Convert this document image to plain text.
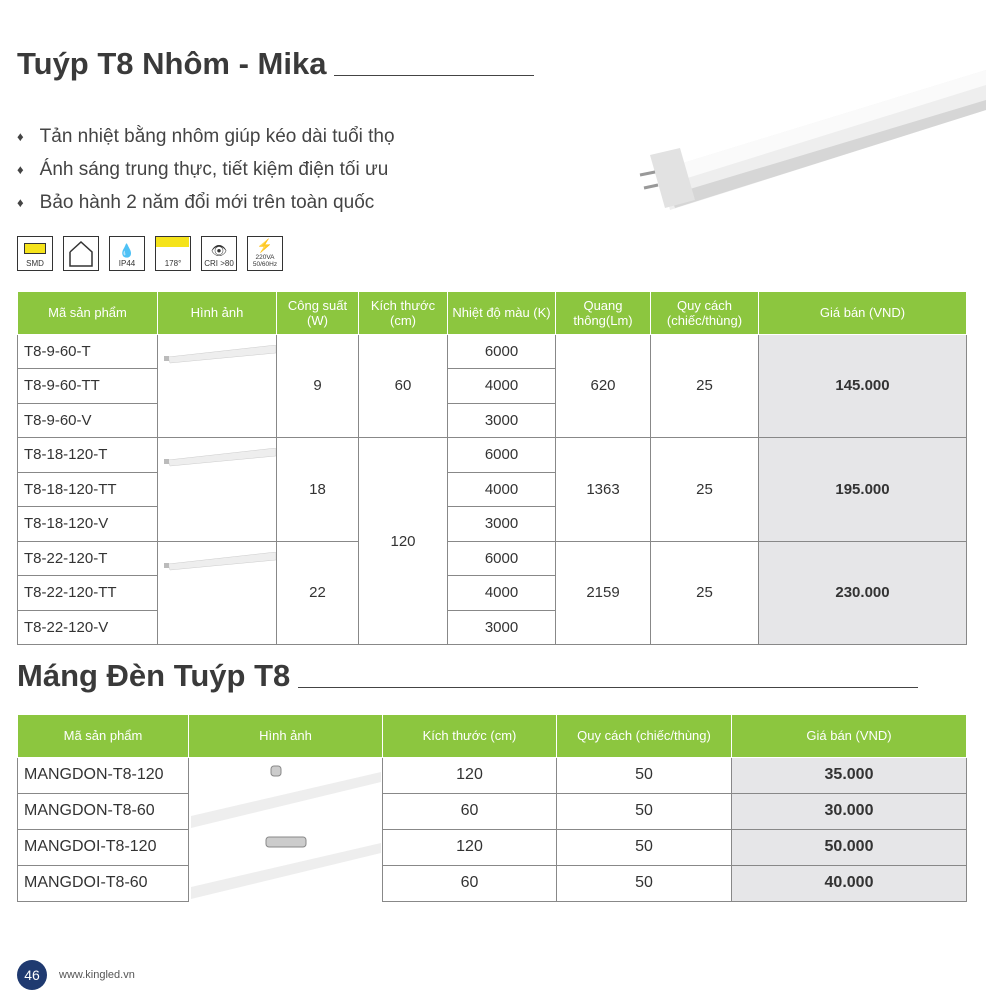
Tuýp T8 Nhôm - Mika
♦ Tản nhiệt bằng nhôm giúp kéo dài tuổi thọ
♦ Ánh sáng trung thực, tiết kiệm điện tối ưu
♦ Bảo hành 2 năm đổi mới trên toàn quốc
SMD
💧
IP44	178°
👁
CRI >80
⚡
220VA 50/60Hz
Mã sản phẩm	Hình ảnh	Công suất (W)	Kích thước (cm)	Nhiệt độ màu (K)	Quang thông(Lm)	Quy cách (chiếc/thùng)	Giá bán (VND)
T8-9-60-T		9	60	6000	620	25	145.000
T8-9-60-TT				4000			
T8-9-60-V				3000			
T8-18-120-T		18	120	6000	1363	25	195.000
T8-18-120-TT				4000			
T8-18-120-V				3000			
T8-22-120-T		22		6000	2159	25	230.000
T8-22-120-TT				4000			
T8-22-120-V				3000			
Máng Đèn Tuýp T8
Mã sản phẩm	Hình ảnh	Kích thước (cm)	Quy cách (chiếc/thùng)	Giá bán (VND)
MANGDON-T8-120		120	50	35.000
MANGDON-T8-60		60	50	30.000
MANGDOI-T8-120		120	50	50.000
MANGDOI-T8-60		60	50	40.000
46	www.kingled.vn
